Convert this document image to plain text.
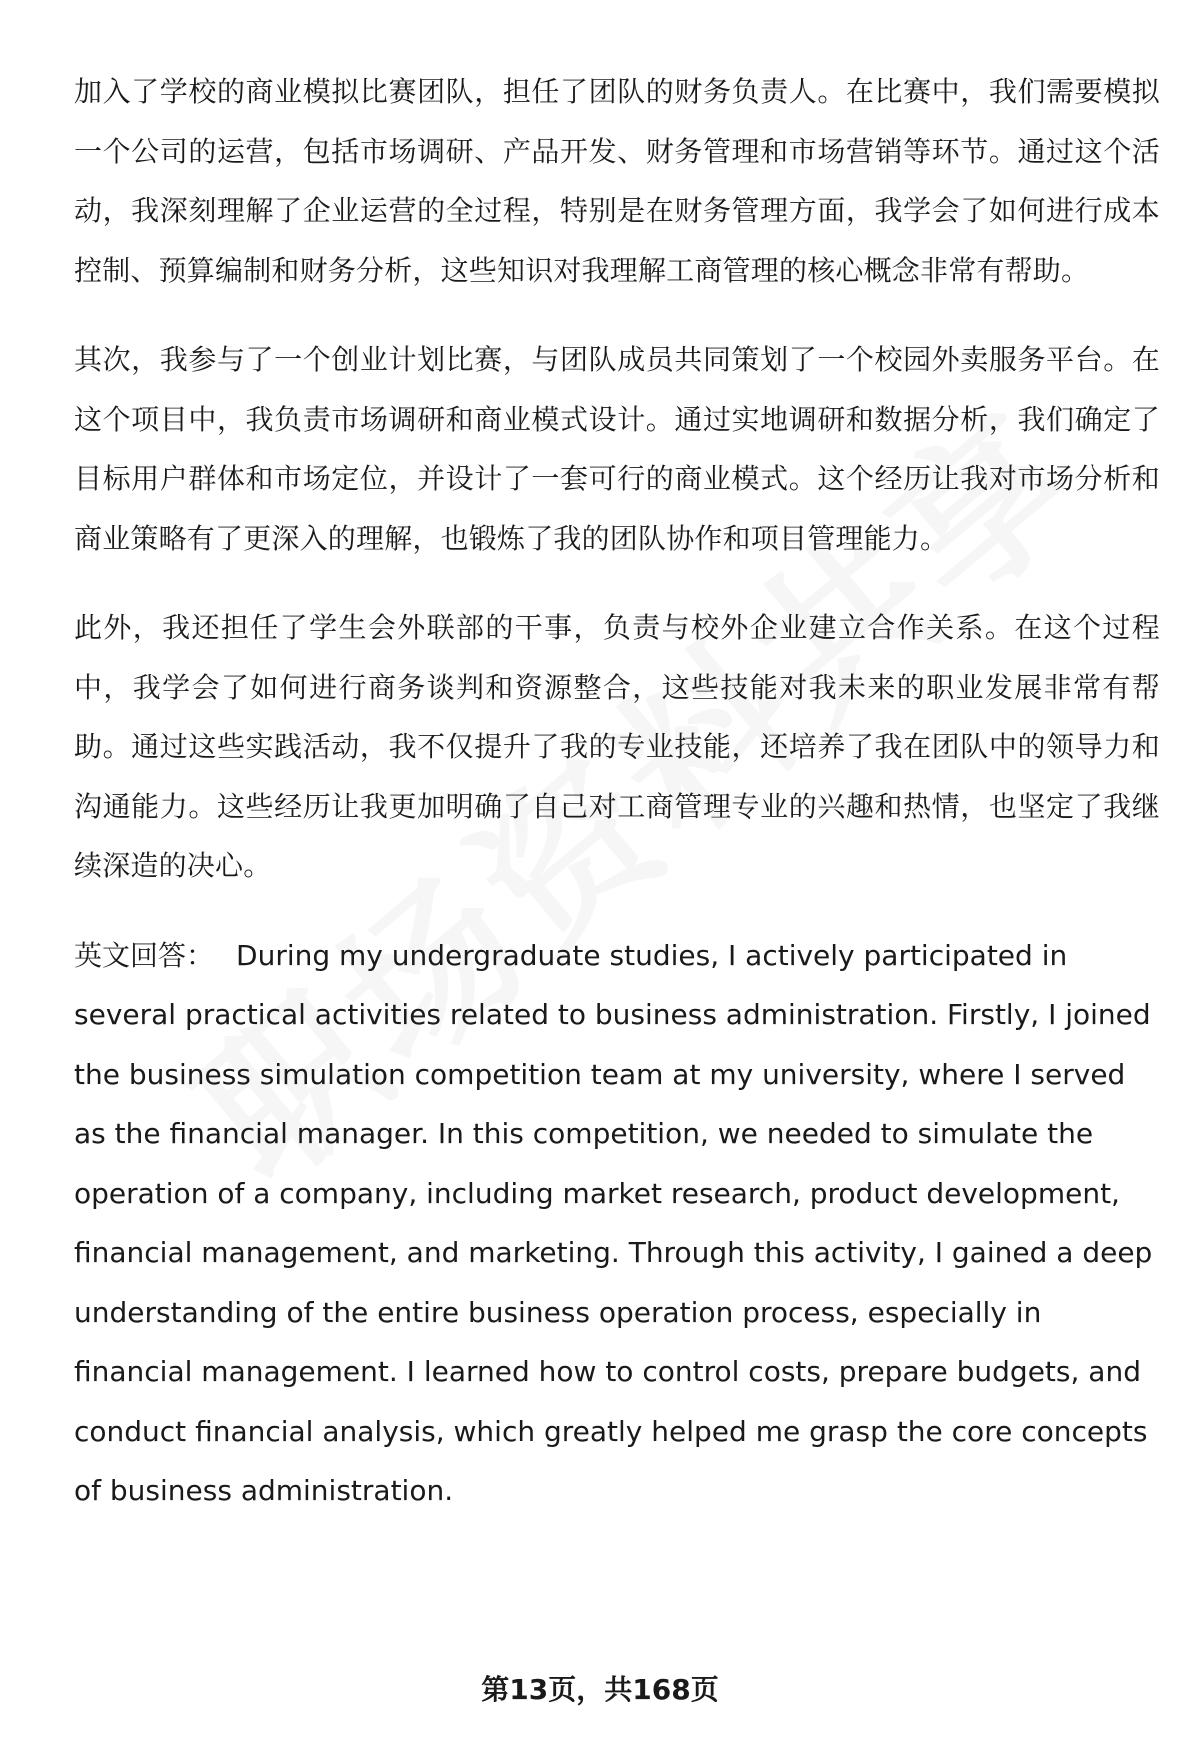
加入了学校的商业模拟比赛团队，担任了团队的财务负责人。在比赛中，我们需要模拟一个公司的运营，包括市场调研、产品开发、财务管理和市场营销等环节。通过这个活动，我深刻理解了企业运营的全过程，特别是在财务管理方面，我学会了如何进行成本控制、预算编制和财务分析，这些知识对我理解工商管理的核心概念非常有帮助。

其次，我参与了一个创业计划比赛，与团队成员共同策划了一个校园外卖服务平台。在这个项目中，我负责市场调研和商业模式设计。通过实地调研和数据分析，我们确定了目标用户群体和市场定位，并设计了一套可行的商业模式。这个经历让我对市场分析和商业策略有了更深入的理解，也锻炼了我的团队协作和项目管理能力。

此外，我还担任了学生会外联部的干事，负责与校外企业建立合作关系。在这个过程中，我学会了如何进行商务谈判和资源整合，这些技能对我未来的职业发展非常有帮助。通过这些实践活动，我不仅提升了我的专业技能，还培养了我在团队中的领导力和沟通能力。这些经历让我更加明确了自己对工商管理专业的兴趣和热情，也坚定了我继续深造的决心。

英文回答： During my undergraduate studies, I actively participated in several practical activities related to business administration. Firstly, I joined the business simulation competition team at my university, where I served as the financial manager. In this competition, we needed to simulate the operation of a company, including market research, product development, financial management, and marketing. Through this activity, I gained a deep understanding of the entire business operation process, especially in financial management. I learned how to control costs, prepare budgets, and conduct financial analysis, which greatly helped me grasp the core concepts of business administration.

第13页，共168页
